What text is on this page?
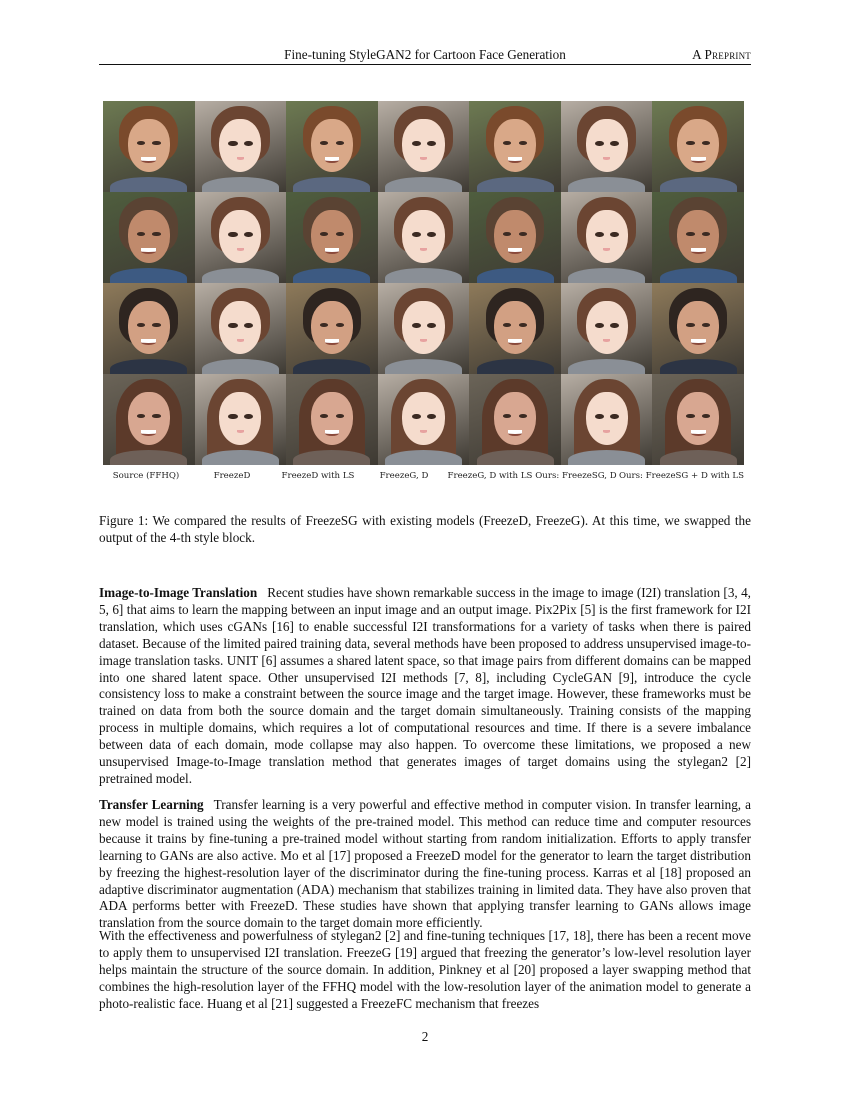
Fine-tuning StyleGAN2 for Cartoon Face Generation	A Preprint
Source (FFHQ)	FreezeD	FreezeD with LS	FreezeG, D	FreezeG, D with LS Ours: FreezeSG, D Ours: FreezeSG + D with LS
Figure 1: We compared the results of FreezeSG with existing models (FreezeD, FreezeG). At this time, we swapped the output of the 4-th style block.
Image-to-Image Translation Recent studies have shown remarkable success in the image to image (I2I) translation [3, 4, 5, 6] that aims to learn the mapping between an input image and an output image. Pix2Pix [5] is the first framework for I2I translation, which uses cGANs [16] to enable successful I2I transformations for a variety of tasks when there is paired dataset. Because of the limited paired training data, several methods have been proposed to address unsupervised image-to-image translation tasks. UNIT [6] assumes a shared latent space, so that image pairs from different domains can be mapped into one shared latent space. Other unsupervised I2I methods [7, 8], including CycleGAN [9], introduce the cycle consistency loss to make a constraint between the source image and the target image. However, these frameworks must be trained on data from both the source domain and the target domain simultaneously. Training consists of the mapping process in multiple domains, which requires a lot of computational resources and time. If there is a severe imbalance between data of each domain, mode collapse may also happen. To overcome these limitations, we proposed a new unsupervised Image-to-Image translation method that generates images of target domains using the stylegan2 [2] pretrained model.
Transfer Learning Transfer learning is a very powerful and effective method in computer vision. In transfer learning, a new model is trained using the weights of the pre-trained model. This method can reduce time and computer resources because it trains by fine-tuning a pre-trained model without starting from random initialization. Efforts to apply transfer learning to GANs are also active. Mo et al [17] proposed a FreezeD model for the generator to learn the target distribution by freezing the highest-resolution layer of the discriminator during the fine-tuning process. Karras et al [18] proposed an adaptive discriminator augmentation (ADA) mechanism that stabilizes training in limited data. They have also proven that ADA performs better with FreezeD. These studies have shown that applying transfer learning to GANs allows image translation from the source domain to the target domain more efficiently.
With the effectiveness and powerfulness of stylegan2 [2] and fine-tuning techniques [17, 18], there has been a recent move to apply them to unsupervised I2I translation. FreezeG [19] argued that freezing the generator’s low-level resolution layer helps maintain the structure of the source domain. In addition, Pinkney et al [20] proposed a layer swapping method that combines the high-resolution layer of the FFHQ model with the low-resolution layer of the animation model to generate a photo-realistic face. Huang et al [21] suggested a FreezeFC mechanism that freezes
2
